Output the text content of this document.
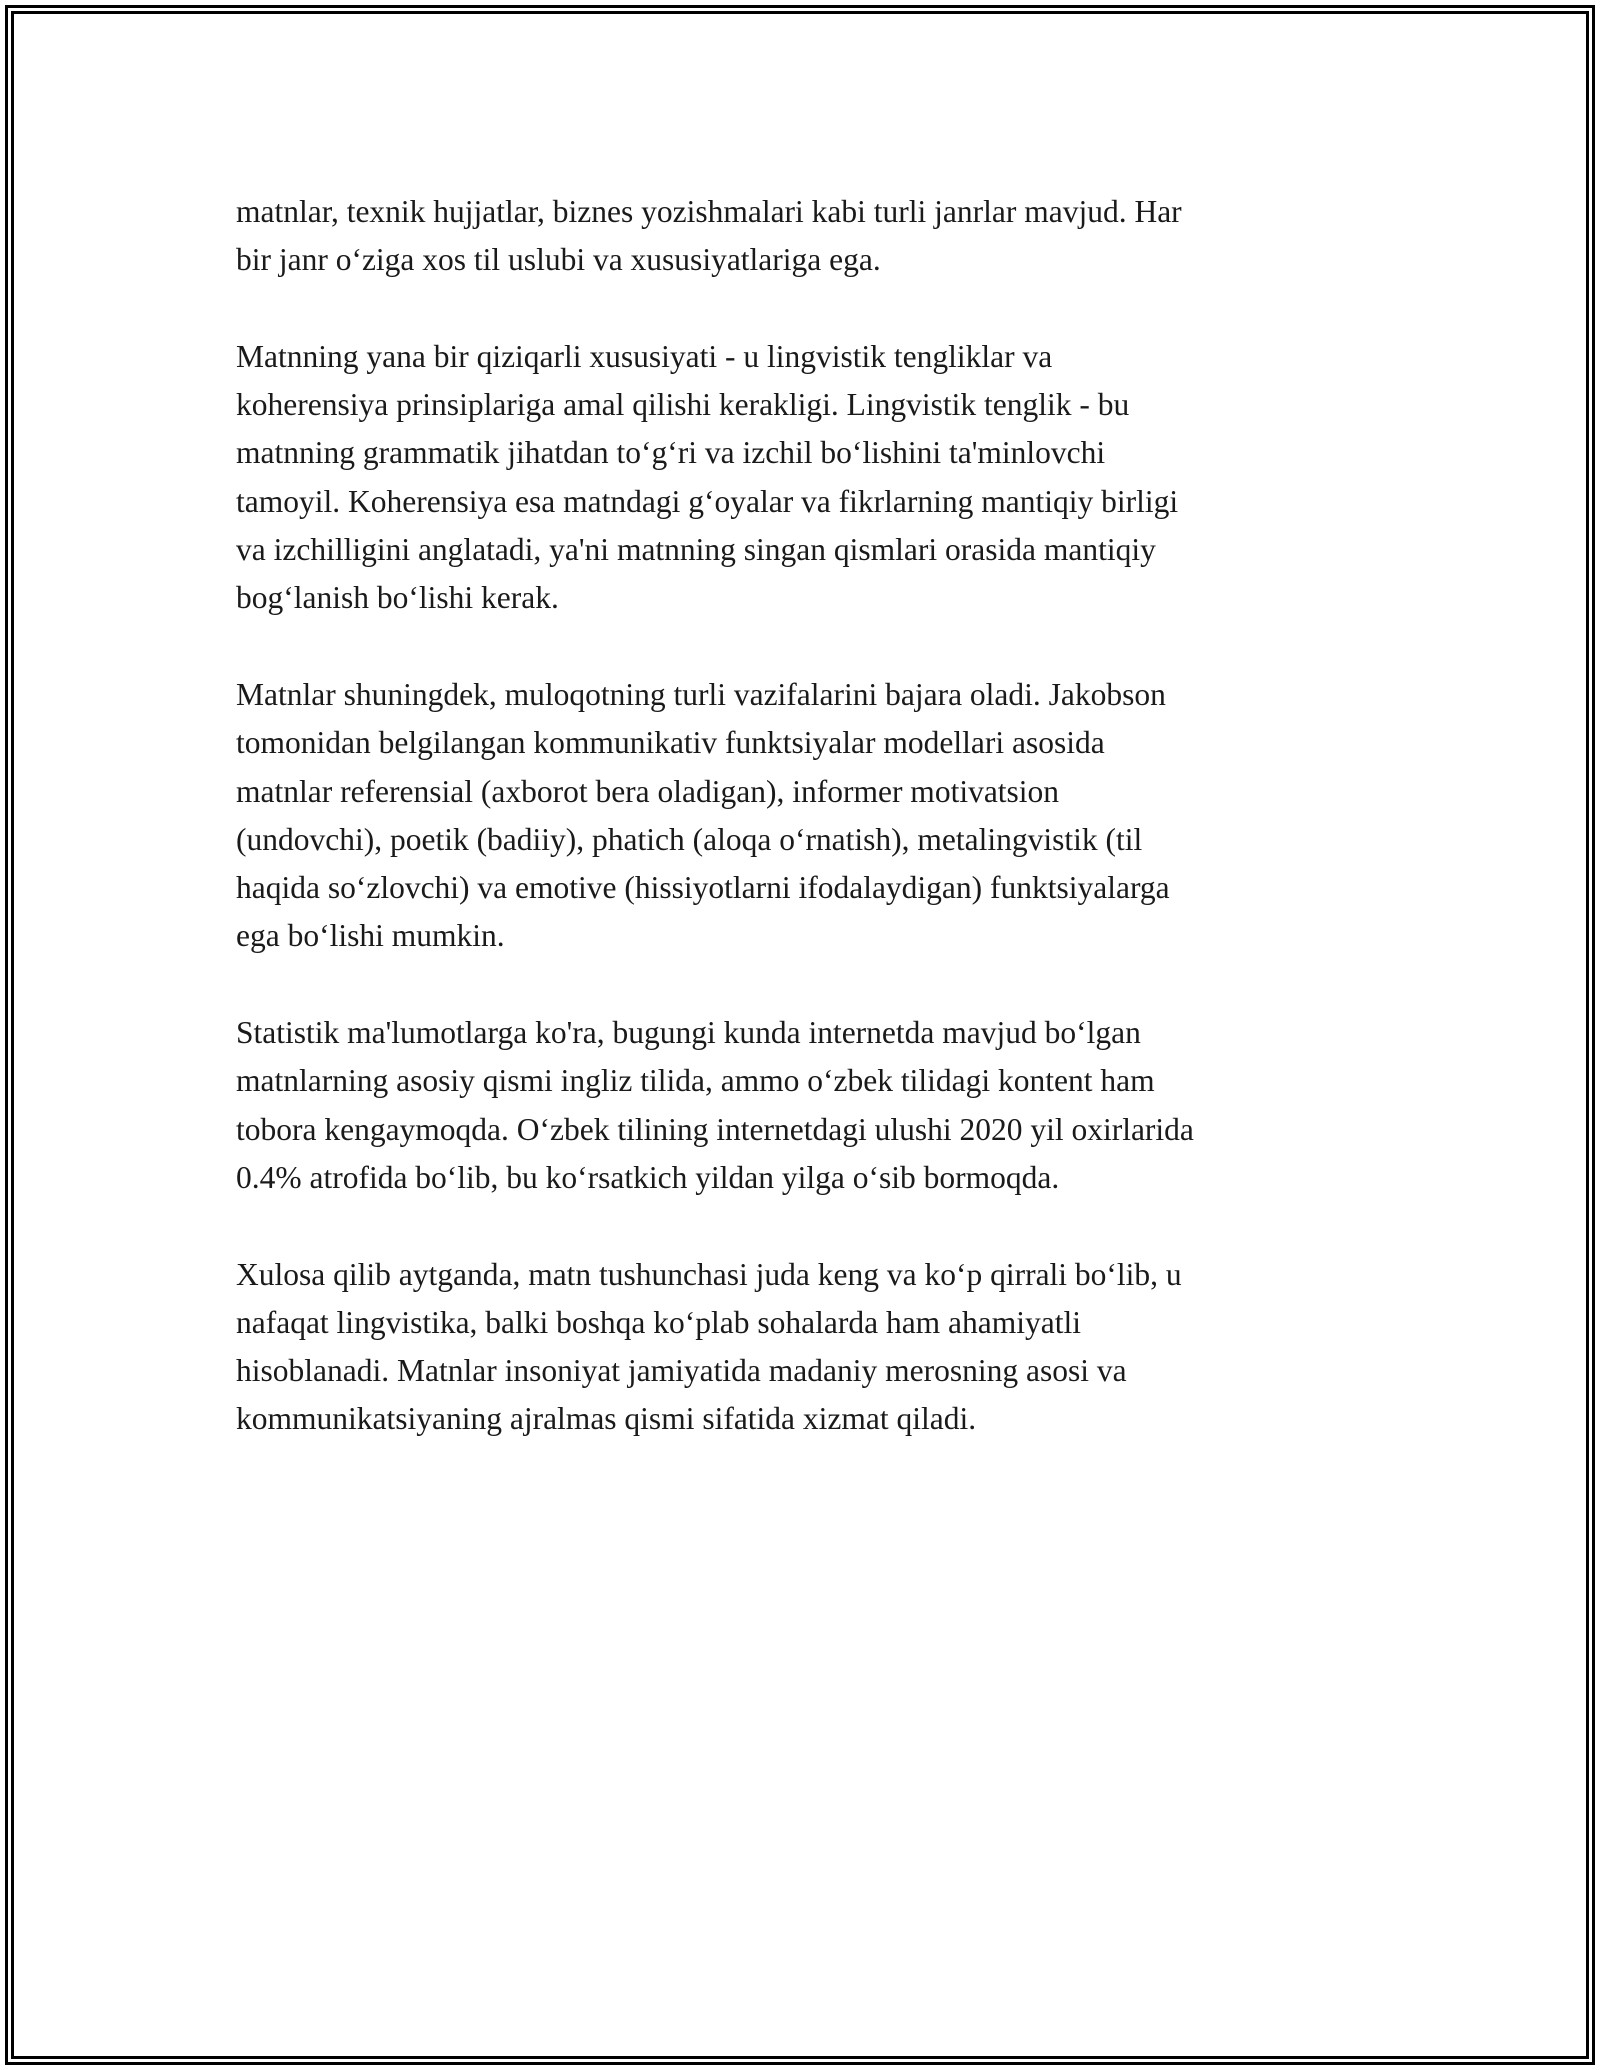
matnlar, texnik hujjatlar, biznes yozishmalari kabi turli janrlar mavjud. Har
bir janr o‘ziga xos til uslubi va xususiyatlariga ega.

Matnning yana bir qiziqarli xususiyati - u lingvistik tengliklar va
koherensiya prinsiplariga amal qilishi kerakligi. Lingvistik tenglik - bu
matnning grammatik jihatdan to‘g‘ri va izchil bo‘lishini ta'minlovchi
tamoyil. Koherensiya esa matndagi g‘oyalar va fikrlarning mantiqiy birligi
va izchilligini anglatadi, ya'ni matnning singan qismlari orasida mantiqiy
bog‘lanish bo‘lishi kerak.

Matnlar shuningdek, muloqotning turli vazifalarini bajara oladi. Jakobson
tomonidan belgilangan kommunikativ funktsiyalar modellari asosida
matnlar referensial (axborot bera oladigan), informer motivatsion
(undovchi), poetik (badiiy), phatich (aloqa o‘rnatish), metalingvistik (til
haqida so‘zlovchi) va emotive (hissiyotlarni ifodalaydigan) funktsiyalarga
ega bo‘lishi mumkin.

Statistik ma'lumotlarga ko'ra, bugungi kunda internetda mavjud bo‘lgan
matnlarning asosiy qismi ingliz tilida, ammo o‘zbek tilidagi kontent ham
tobora kengaymoqda. O‘zbek tilining internetdagi ulushi 2020 yil oxirlarida
0.4% atrofida bo‘lib, bu ko‘rsatkich yildan yilga o‘sib bormoqda.

Xulosa qilib aytganda, matn tushunchasi juda keng va ko‘p qirrali bo‘lib, u
nafaqat lingvistika, balki boshqa ko‘plab sohalarda ham ahamiyatli
hisoblanadi. Matnlar insoniyat jamiyatida madaniy merosning asosi va
kommunikatsiyaning ajralmas qismi sifatida xizmat qiladi.
